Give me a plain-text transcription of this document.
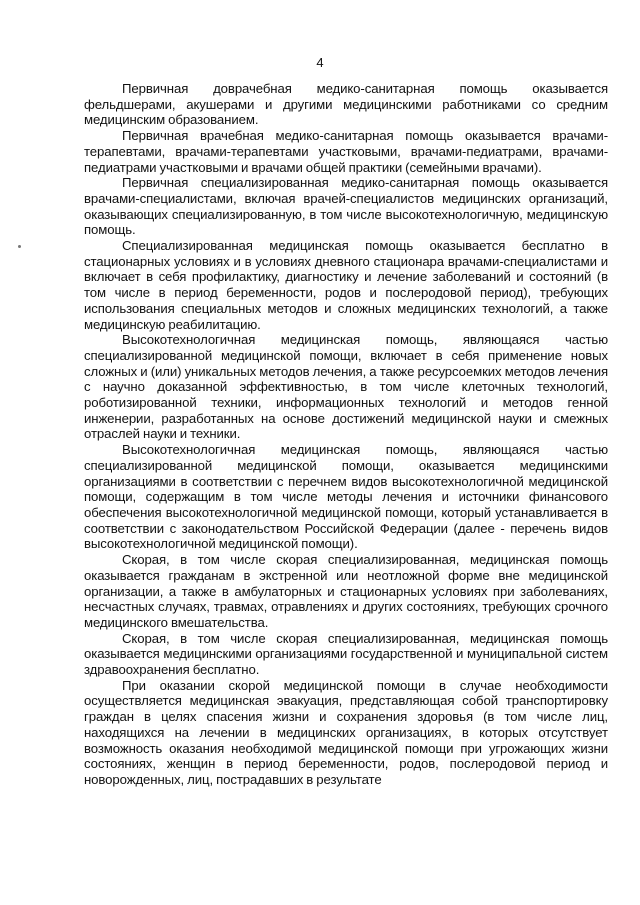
4

Первичная доврачебная медико-санитарная помощь оказывается фельдшерами, акушерами и другими медицинскими работниками со средним медицинским образованием.

Первичная врачебная медико-санитарная помощь оказывается врачами-терапевтами, врачами-терапевтами участковыми, врачами-педиатрами, врачами-педиатрами участковыми и врачами общей практики (семейными врачами).

Первичная специализированная медико-санитарная помощь оказывается врачами-специалистами, включая врачей-специалистов медицинских организаций, оказывающих специализированную, в том числе высокотехнологичную, медицинскую помощь.

Специализированная медицинская помощь оказывается бесплатно в стационарных условиях и в условиях дневного стационара врачами-специалистами и включает в себя профилактику, диагностику и лечение заболеваний и состояний (в том числе в период беременности, родов и послеродовой период), требующих использования специальных методов и сложных медицинских технологий, а также медицинскую реабилитацию.

Высокотехнологичная медицинская помощь, являющаяся частью специализированной медицинской помощи, включает в себя применение новых сложных и (или) уникальных методов лечения, а также ресурсоемких методов лечения с научно доказанной эффективностью, в том числе клеточных технологий, роботизированной техники, информационных технологий и методов генной инженерии, разработанных на основе достижений медицинской науки и смежных отраслей науки и техники.

Высокотехнологичная медицинская помощь, являющаяся частью специализированной медицинской помощи, оказывается медицинскими организациями в соответствии с перечнем видов высокотехнологичной медицинской помощи, содержащим в том числе методы лечения и источники финансового обеспечения высокотехнологичной медицинской помощи, который устанавливается в соответствии с законодательством Российской Федерации (далее - перечень видов высокотехнологичной медицинской помощи).

Скорая, в том числе скорая специализированная, медицинская помощь оказывается гражданам в экстренной или неотложной форме вне медицинской организации, а также в амбулаторных и стационарных условиях при заболеваниях, несчастных случаях, травмах, отравлениях и других состояниях, требующих срочного медицинского вмешательства.

Скорая, в том числе скорая специализированная, медицинская помощь оказывается медицинскими организациями государственной и муниципальной систем здравоохранения бесплатно.

При оказании скорой медицинской помощи в случае необходимости осуществляется медицинская эвакуация, представляющая собой транспортировку граждан в целях спасения жизни и сохранения здоровья (в том числе лиц, находящихся на лечении в медицинских организациях, в которых отсутствует возможность оказания необходимой медицинской помощи при угрожающих жизни состояниях, женщин в период беременности, родов, послеродовой период и новорожденных, лиц, пострадавших в результате
